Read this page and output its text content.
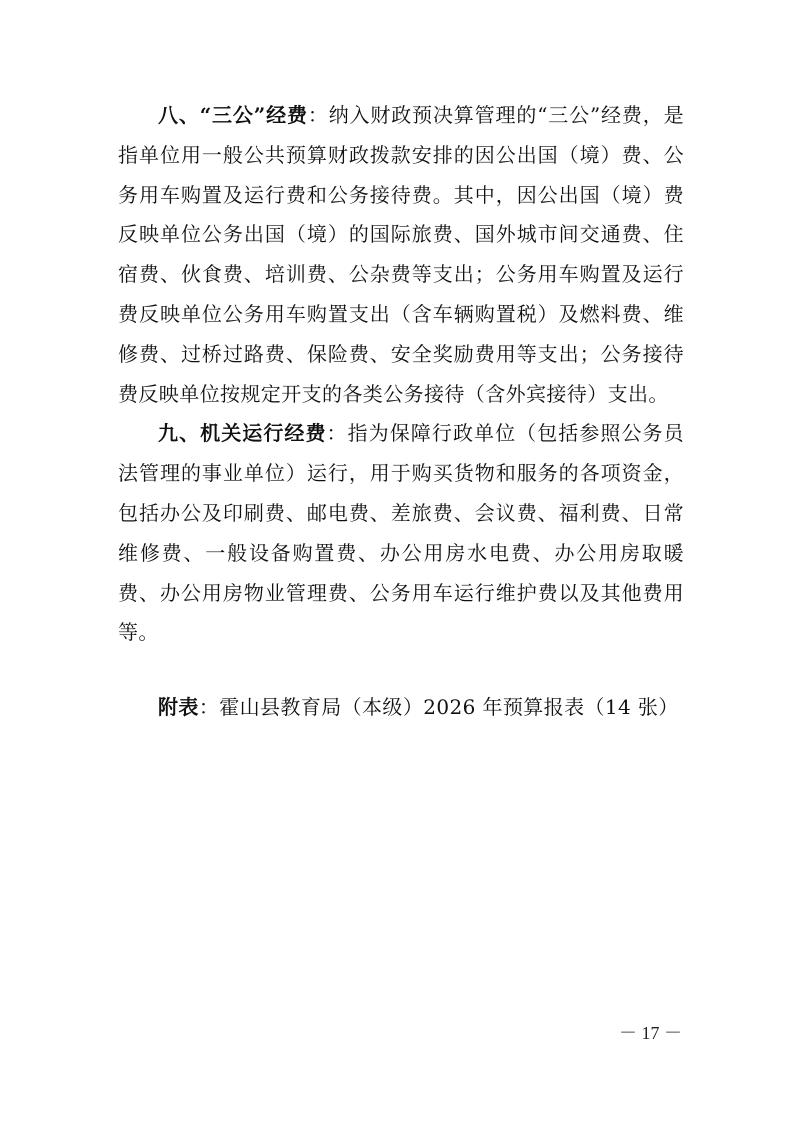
八、“三公”经费：纳入财政预决算管理的“三公”经费，是指单位用一般公共预算财政拨款安排的因公出国（境）费、公务用车购置及运行费和公务接待费。其中，因公出国（境）费反映单位公务出国（境）的国际旅费、国外城市间交通费、住宿费、伙食费、培训费、公杂费等支出；公务用车购置及运行费反映单位公务用车购置支出（含车辆购置税）及燃料费、维修费、过桥过路费、保险费、安全奖励费用等支出；公务接待费反映单位按规定开支的各类公务接待（含外宾接待）支出。

九、机关运行经费：指为保障行政单位（包括参照公务员法管理的事业单位）运行，用于购买货物和服务的各项资金，包括办公及印刷费、邮电费、差旅费、会议费、福利费、日常维修费、一般设备购置费、办公用房水电费、办公用房取暖费、办公用房物业管理费、公务用车运行维护费以及其他费用等。

附表：霍山县教育局（本级）2026 年预算报表（14 张）

－ 17 －
